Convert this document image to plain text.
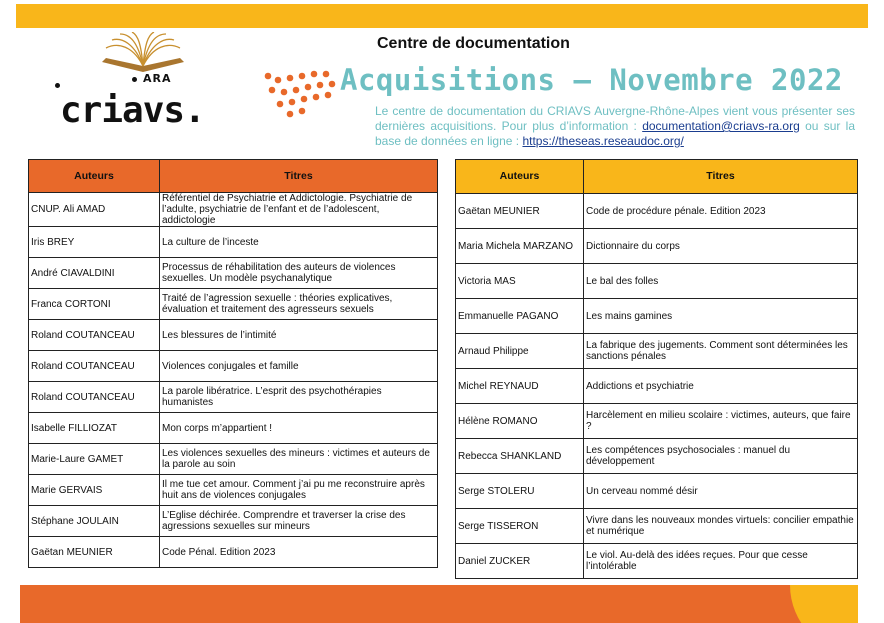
ARA
criavs.
Centre de documentation
Acquisitions – Novembre 2022
Le centre de documentation du CRIAVS Auvergne-Rhône-Alpes vient vous présenter ses dernières acquisitions. Pour plus d’information : documentation@criavs-ra.org ou sur la base de données en ligne : https://theseas.reseaudoc.org/
Auteurs	Titres
CNUP. Ali AMAD	Référentiel de Psychiatrie et Addictologie. Psychiatrie de l’adulte, psychiatrie de l’enfant et de l’adolescent, addictologie
Iris BREY	La culture de l’inceste
André CIAVALDINI	Processus de réhabilitation des auteurs de violences sexuelles. Un modèle psychanalytique
Franca CORTONI	Traité de l’agression sexuelle : théories explicatives, évaluation et traitement des agresseurs sexuels
Roland COUTANCEAU	Les blessures de l’intimité
Roland COUTANCEAU	Violences conjugales et famille
Roland COUTANCEAU	La parole libératrice. L’esprit des psychothérapies humanistes
Isabelle FILLIOZAT	Mon corps m’appartient !
Marie-Laure GAMET	Les violences sexuelles des mineurs : victimes et auteurs de la parole au soin
Marie GERVAIS	Il me tue cet amour. Comment j’ai pu me reconstruire après huit ans de violences conjugales
Stéphane JOULAIN	L’Eglise déchirée. Comprendre et traverser la crise des agressions sexuelles sur mineurs
Gaëtan MEUNIER	Code Pénal. Edition 2023
Auteurs	Titres
Gaëtan MEUNIER	Code de procédure pénale. Edition 2023
Maria Michela MARZANO	Dictionnaire du corps
Victoria MAS	Le bal des folles
Emmanuelle PAGANO	Les mains gamines
Arnaud Philippe	La fabrique des jugements. Comment sont déterminées les sanctions pénales
Michel REYNAUD	Addictions et psychiatrie
Hélène ROMANO	Harcèlement en milieu scolaire : victimes, auteurs, que faire ?
Rebecca SHANKLAND	Les compétences psychosociales : manuel du développement
Serge STOLERU	Un cerveau nommé désir
Serge TISSERON	Vivre dans les nouveaux mondes virtuels: concilier empathie et numérique
Daniel ZUCKER	Le viol. Au-delà des idées reçues. Pour que cesse l’intolérable
